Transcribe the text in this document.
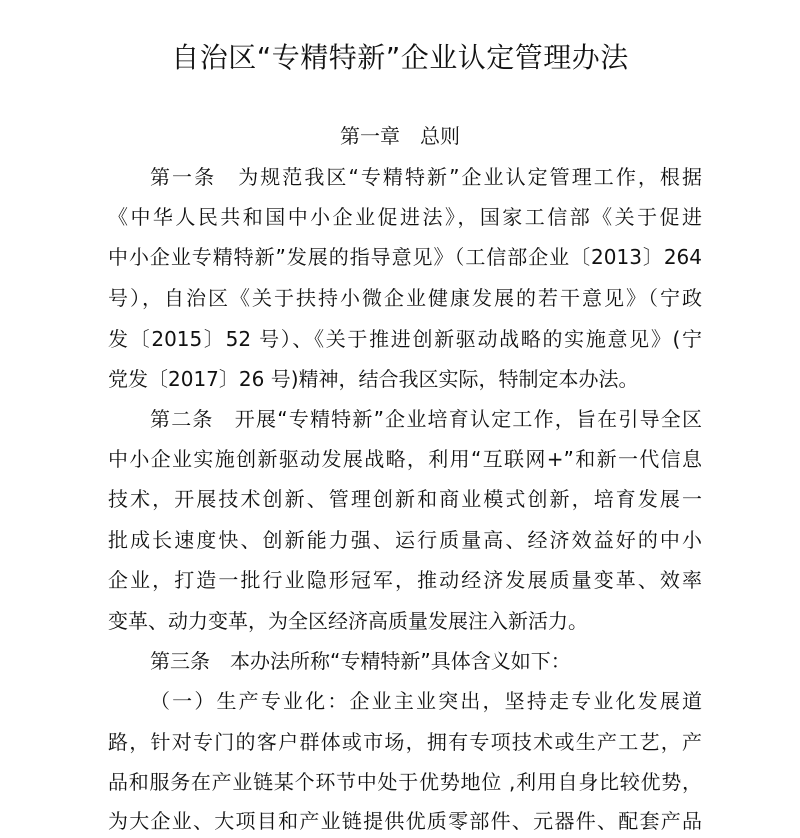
自治区“专精特新”企业认定管理办法
第一章　总则
第一条　为规范我区“专精特新”企业认定管理工作，根据
《中华人民共和国中小企业促进法》，国家工信部《关于促进
中小企业专精特新”发展的指导意见》（工信部企业〔2013〕264
号），自治区《关于扶持小微企业健康发展的若干意见》（宁政
发〔2015〕52 号）、《关于推进创新驱动战略的实施意见》(宁
党发〔2017〕26 号)精神，结合我区实际，特制定本办法。
第二条　开展“专精特新”企业培育认定工作，旨在引导全区
中小企业实施创新驱动发展战略，利用“互联网+”和新一代信息
技术，开展技术创新、管理创新和商业模式创新，培育发展一
批成长速度快、创新能力强、运行质量高、经济效益好的中小
企业，打造一批行业隐形冠军，推动经济发展质量变革、效率
变革、动力变革，为全区经济高质量发展注入新活力。
第三条　本办法所称“专精特新”具体含义如下：
（一）生产专业化：企业主业突出，坚持走专业化发展道
路，针对专门的客户群体或市场，拥有专项技术或生产工艺，产
品和服务在产业链某个环节中处于优势地位 ,利用自身比较优势，
为大企业、大项目和产业链提供优质零部件、元器件、配套产品
